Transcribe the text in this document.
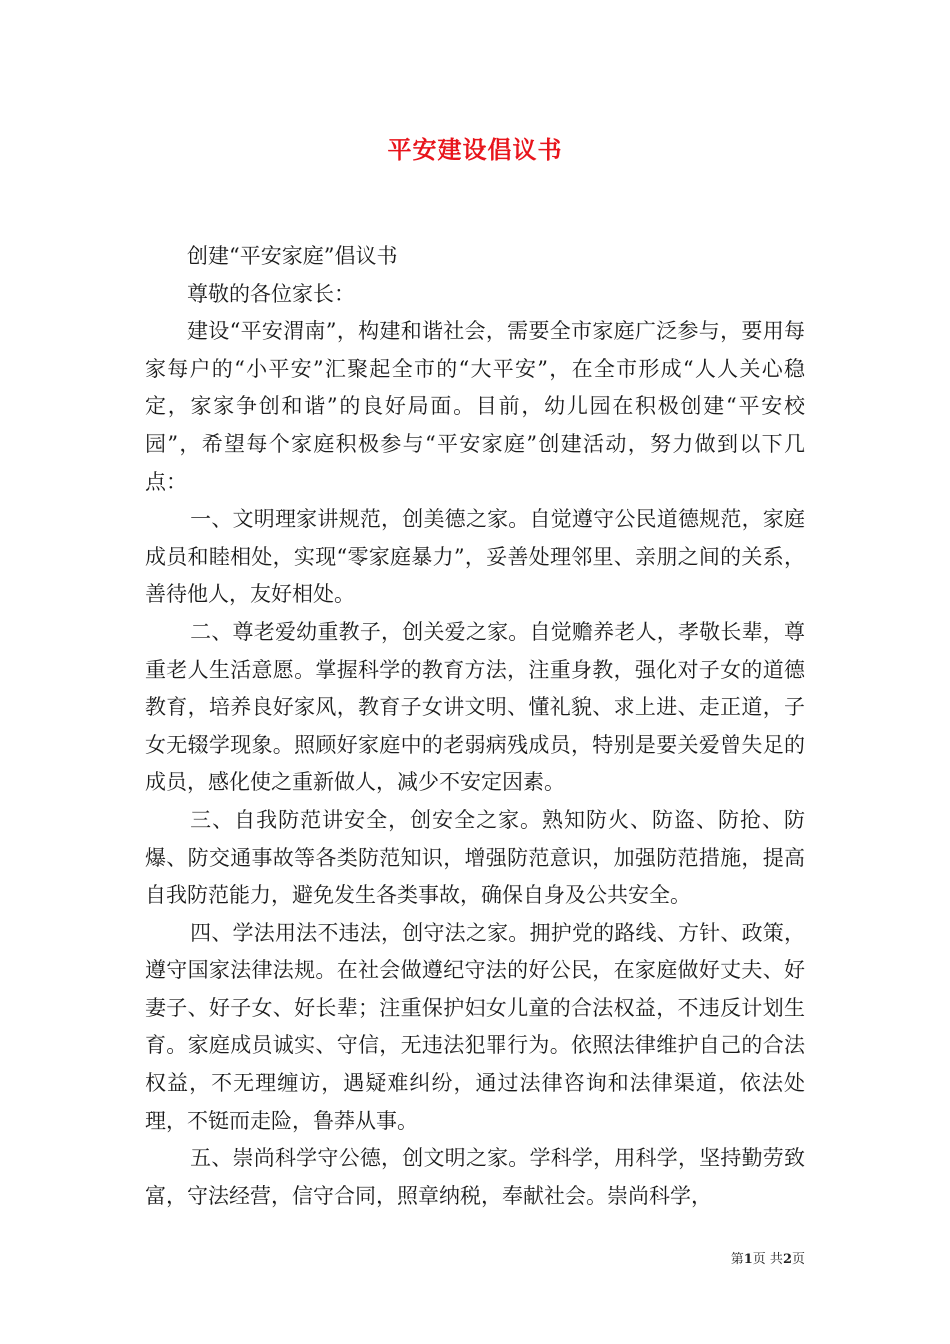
平安建设倡议书

创建“平安家庭”倡议书

尊敬的各位家长：

建设“平安渭南”，构建和谐社会，需要全市家庭广泛参与，要用每家每户的“小平安”汇聚起全市的“大平安”，在全市形成“人人关心稳定，家家争创和谐”的良好局面。目前，幼儿园在积极创建“平安校园”，希望每个家庭积极参与“平安家庭”创建活动，努力做到以下几点：

一、文明理家讲规范，创美德之家。自觉遵守公民道德规范，家庭成员和睦相处，实现“零家庭暴力”，妥善处理邻里、亲朋之间的关系，善待他人，友好相处。

二、尊老爱幼重教子，创关爱之家。自觉赡养老人，孝敬长辈，尊重老人生活意愿。掌握科学的教育方法，注重身教，强化对子女的道德教育，培养良好家风，教育子女讲文明、懂礼貌、求上进、走正道，子女无辍学现象。照顾好家庭中的老弱病残成员，特别是要关爱曾失足的成员，感化使之重新做人，减少不安定因素。

三、自我防范讲安全，创安全之家。熟知防火、防盗、防抢、防爆、防交通事故等各类防范知识，增强防范意识，加强防范措施，提高自我防范能力，避免发生各类事故，确保自身及公共安全。

四、学法用法不违法，创守法之家。拥护党的路线、方针、政策，遵守国家法律法规。在社会做遵纪守法的好公民，在家庭做好丈夫、好妻子、好子女、好长辈；注重保护妇女儿童的合法权益，不违反计划生育。家庭成员诚实、守信，无违法犯罪行为。依照法律维护自己的合法权益，不无理缠访，遇疑难纠纷，通过法律咨询和法律渠道，依法处理，不铤而走险，鲁莽从事。

五、崇尚科学守公德，创文明之家。学科学，用科学，坚持勤劳致富，守法经营，信守合同，照章纳税，奉献社会。崇尚科学，

第1页 共2页
